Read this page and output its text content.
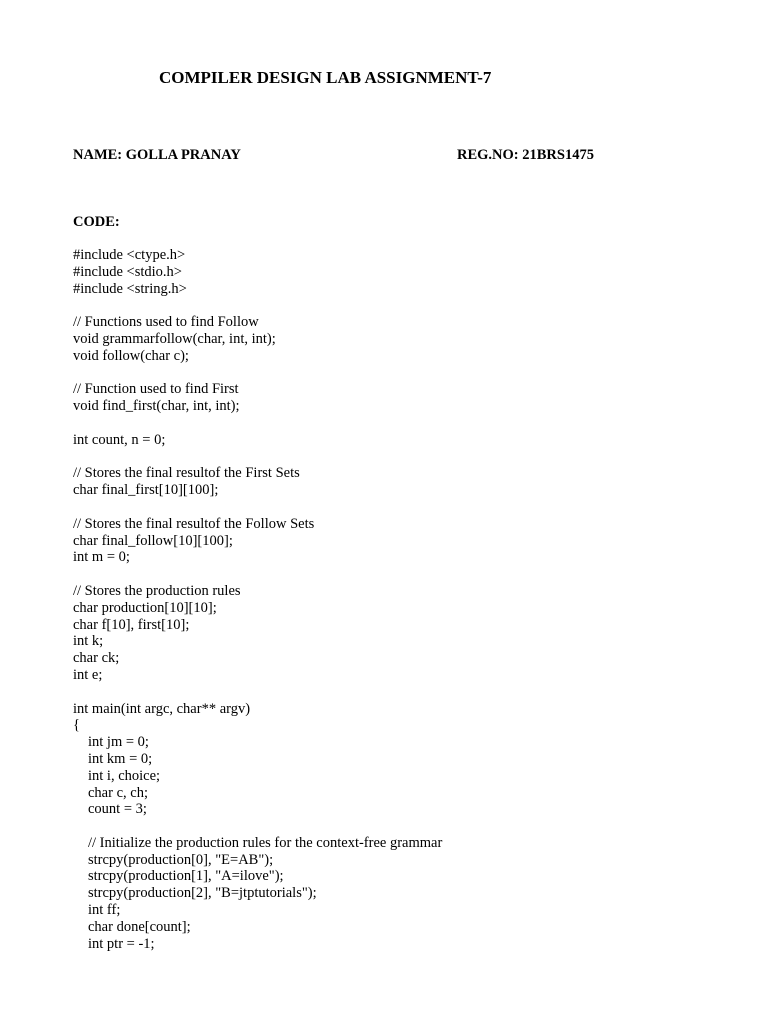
COMPILER DESIGN LAB ASSIGNMENT-7
NAME: GOLLA PRANAY	REG.NO: 21BRS1475
CODE:
#include <ctype.h>
#include <stdio.h>
#include <string.h>
// Functions used to find Follow
void grammarfollow(char, int, int);
void follow(char c);
// Function used to find First
void find_first(char, int, int);
int count, n = 0;
// Stores the final resultof the First Sets
char final_first[10][100];
// Stores the final resultof the Follow Sets
char final_follow[10][100];
int m = 0;
// Stores the production rules
char production[10][10];
char f[10], first[10];
int k;
char ck;
int e;
int main(int argc, char** argv)
{
int jm = 0;
int km = 0;
int i, choice;
char c, ch;
count = 3;
// Initialize the production rules for the context-free grammar
strcpy(production[0], "E=AB");
strcpy(production[1], "A=ilove");
strcpy(production[2], "B=jtptutorials");
int ff;
char done[count];
int ptr = -1;
